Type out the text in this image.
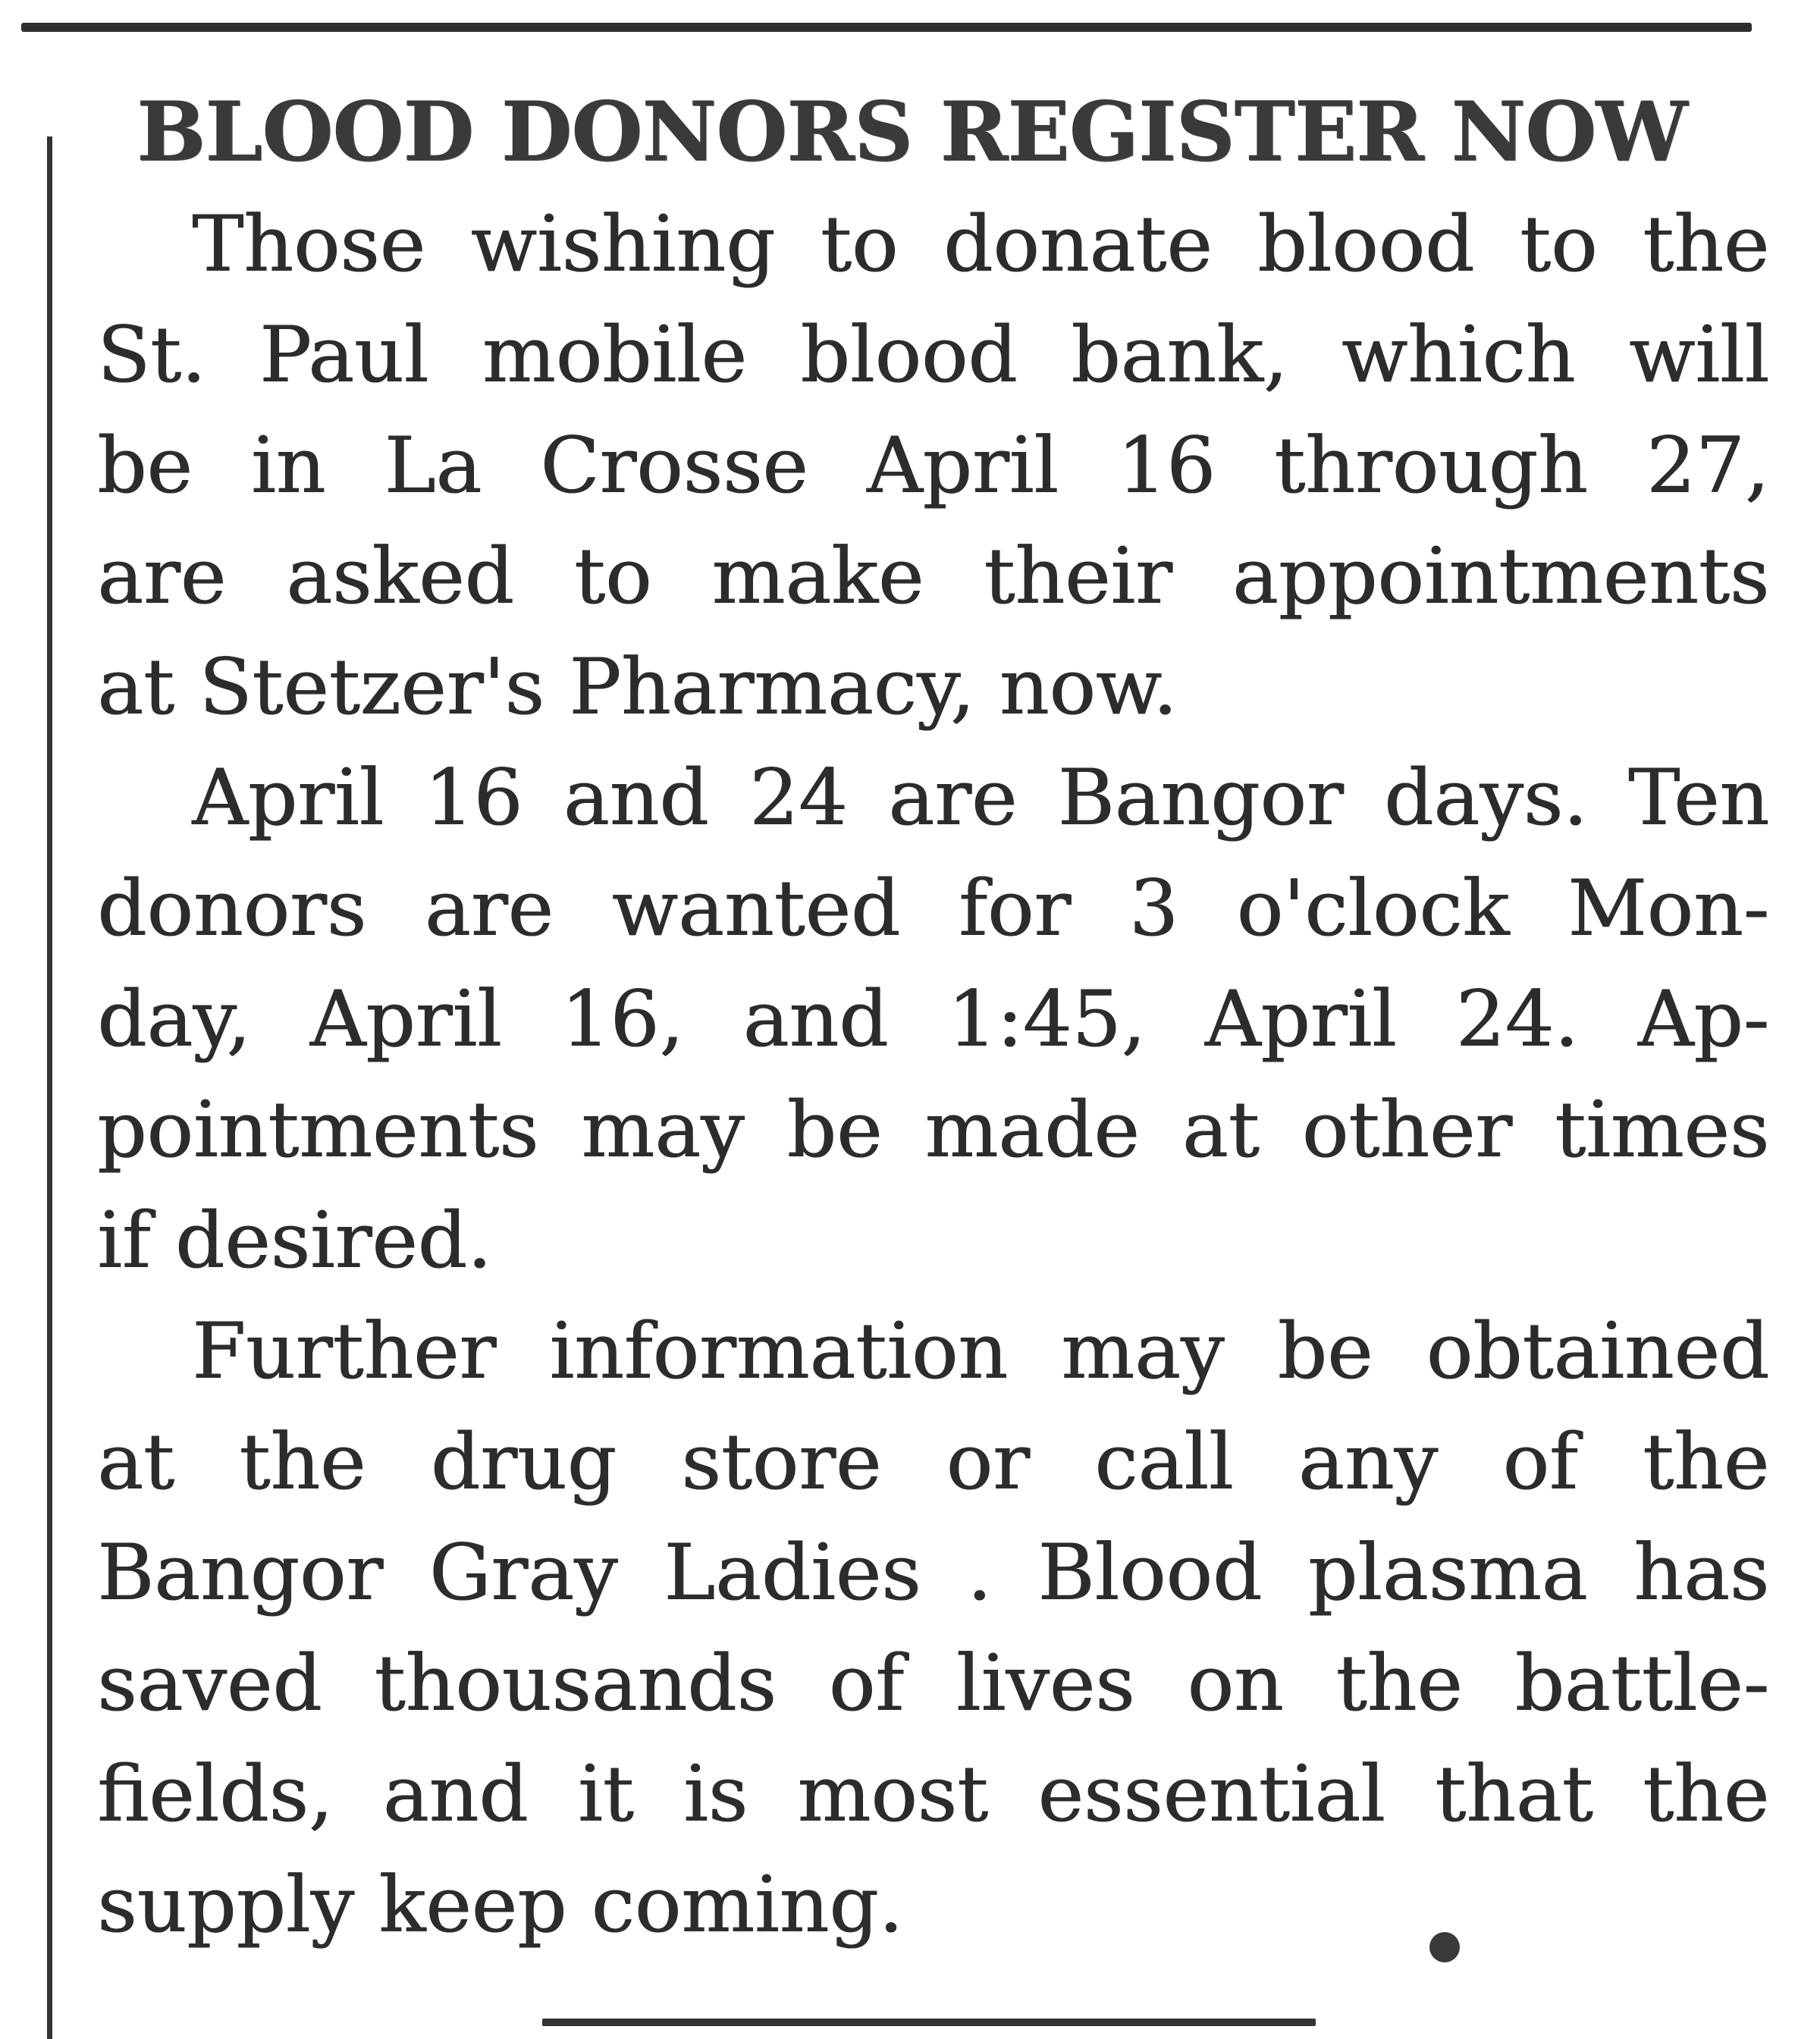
BLOOD DONORS REGISTER NOW
Those wishing to donate blood to the
St. Paul mobile blood bank, which will
be in La Crosse April 16 through 27,
are asked to make their appointments
at Stetzer's Pharmacy, now.
April 16 and 24 are Bangor days. Ten
donors are wanted for 3 o'clock Mon-
day, April 16, and 1:45, April 24. Ap-
pointments may be made at other times
if desired.
Further information may be obtained
at the drug store or call any of the
Bangor Gray Ladies . Blood plasma has
saved thousands of lives on the battle-
fields, and it is most essential that the
supply keep coming.
